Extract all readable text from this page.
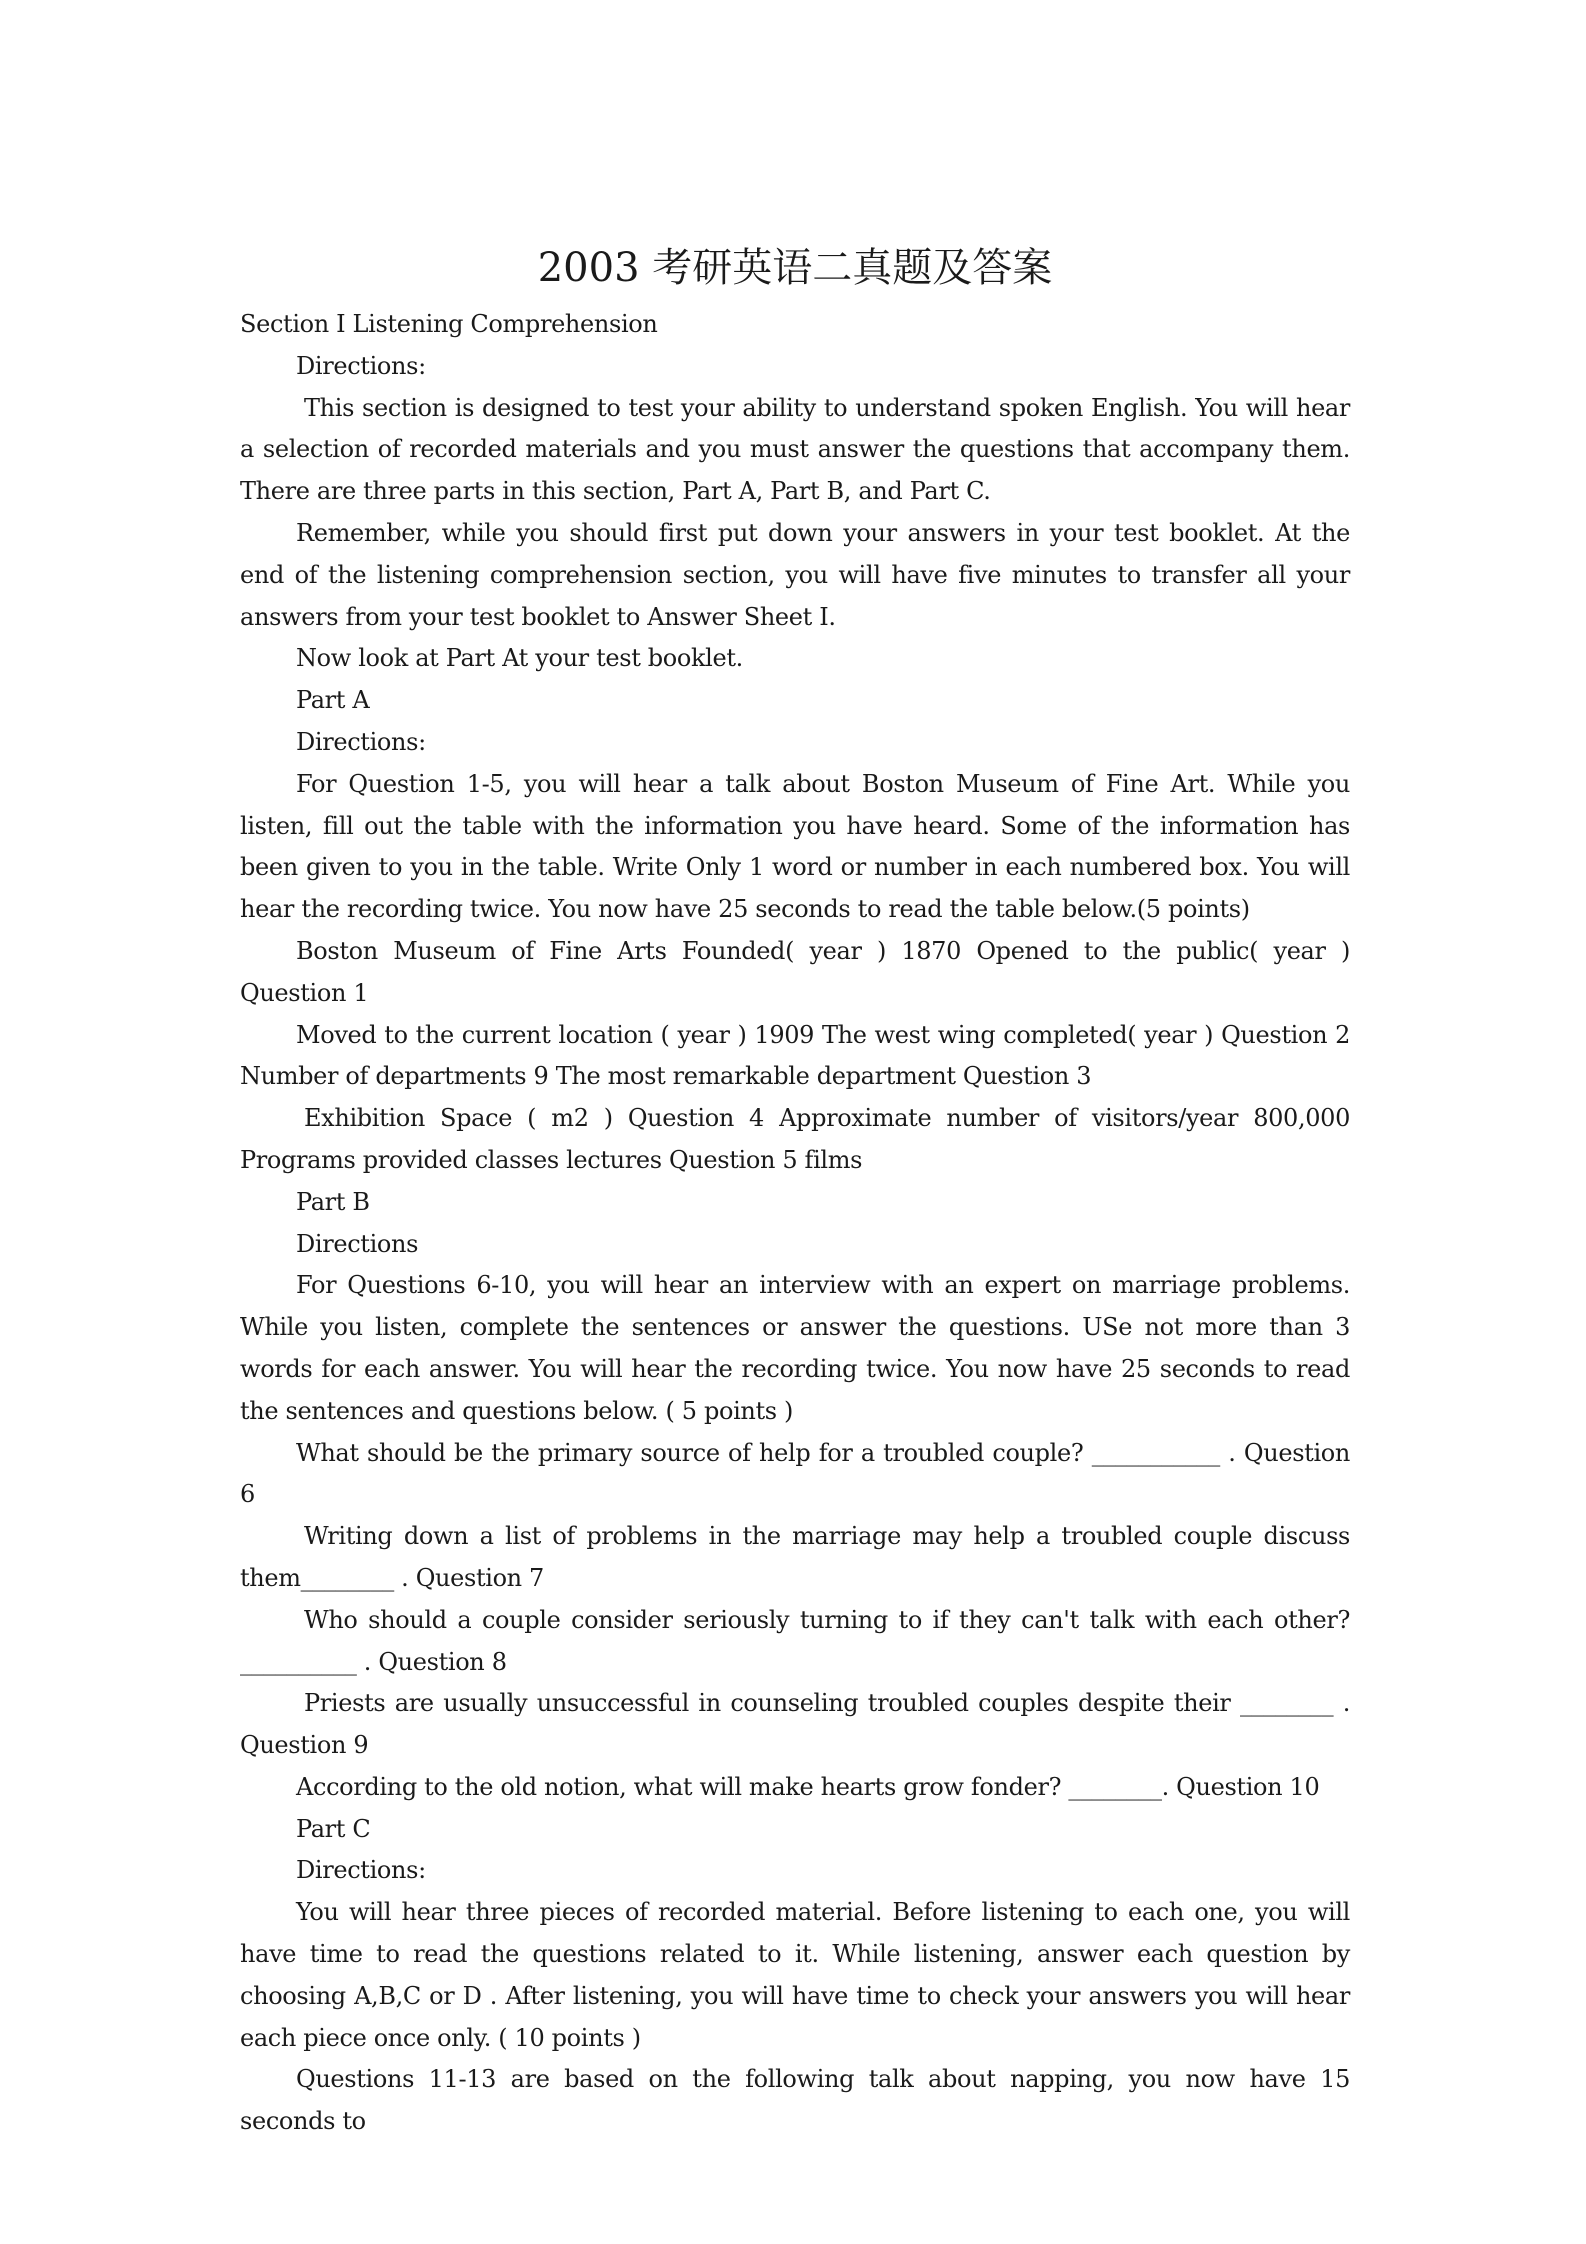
2003 考研英语二真题及答案

Section I Listening Comprehension

Directions:

This section is designed to test your ability to understand spoken English. You will hear a selection of recorded materials and you must answer the questions that accompany them. There are three parts in this section, Part A, Part B, and Part C.

Remember, while you should first put down your answers in your test booklet. At the end of the listening comprehension section, you will have five minutes to transfer all your answers from your test booklet to Answer Sheet I.

Now look at Part At your test booklet.

Part A

Directions:

For Question 1-5, you will hear a talk about Boston Museum of Fine Art. While you listen, fill out the table with the information you have heard. Some of the information has been given to you in the table. Write Only 1 word or number in each numbered box. You will hear the recording twice. You now have 25 seconds to read the table below.(5 points)

Boston Museum of Fine Arts Founded( year ) 1870 Opened to the public( year ) Question 1

Moved to the current location ( year ) 1909 The west wing completed( year ) Question 2 Number of departments 9 The most remarkable department Question 3

Exhibition Space ( m2 ) Question 4 Approximate number of visitors/year 800,000 Programs provided classes lectures Question 5 films

Part B

Directions

For Questions 6-10, you will hear an interview with an expert on marriage problems. While you listen, complete the sentences or answer the questions. USe not more than 3 words for each answer. You will hear the recording twice. You now have 25 seconds to read the sentences and questions below. ( 5 points )

What should be the primary source of help for a troubled couple? ___________ . Question 6

Writing down a list of problems in the marriage may help a troubled couple discuss them________ . Question 7

Who should a couple consider seriously turning to if they can't talk with each other? __________ . Question 8

Priests are usually unsuccessful in counseling troubled couples despite their ________ . Question 9

According to the old notion, what will make hearts grow fonder? ________. Question 10

Part C

Directions:

You will hear three pieces of recorded material. Before listening to each one, you will have time to read the questions related to it. While listening, answer each question by choosing A,B,C or D . After listening, you will have time to check your answers you will hear each piece once only. ( 10 points )

Questions 11-13 are based on the following talk about napping, you now have 15 seconds to
